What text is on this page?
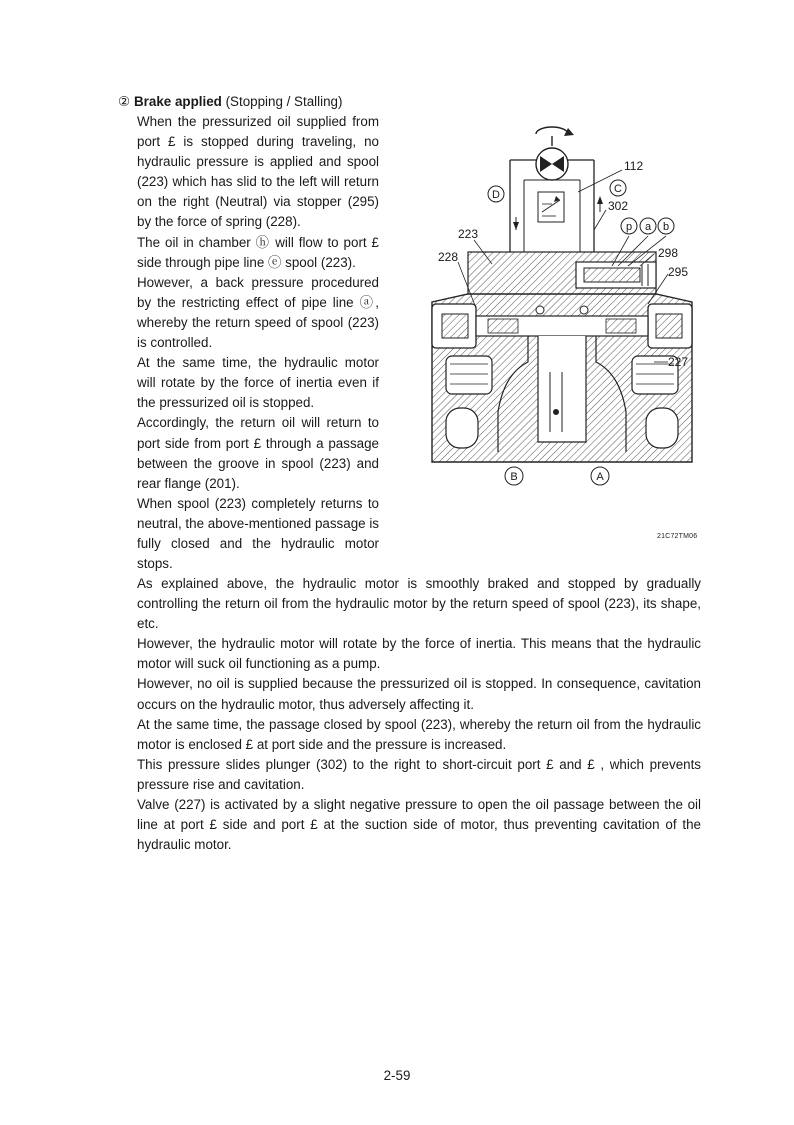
② Brake applied (Stopping / Stalling)

When the pressurized oil supplied from port £ is stopped during traveling, no hydraulic pressure is applied and spool (223) which has slid to the left will return on the right (Neutral) via stopper (295) by the force of spring (228).

The oil in chamber ⓗ will flow to port £ side through pipe line ⓔ spool (223).

However, a back pressure procedured by the restricting effect of pipe line ⓐ, whereby the return speed of spool (223) is controlled.

At the same time, the hydraulic motor will rotate by the force of inertia even if the pressurized oil is stopped.

Accordingly, the return oil will return to port side from port £ through a passage between the groove in spool (223) and rear flange (201).

When spool (223) completely returns to neutral, the above-mentioned passage is fully closed and the hydraulic motor stops.

112
302
223
228	298
295
227
D	C
p a b
B	A
21C72TM06

As explained above, the hydraulic motor is smoothly braked and stopped by gradually controlling the return oil from the hydraulic motor by the return speed of spool (223), its shape, etc.

However, the hydraulic motor will rotate by the force of inertia. This means that the hydraulic motor will suck oil functioning as a pump.

However, no oil is supplied because the pressurized oil is stopped. In consequence, cavitation occurs on the hydraulic motor, thus adversely affecting it.

At the same time, the passage closed by spool (223), whereby the return oil from the hydraulic motor is enclosed £ at port side and the pressure is increased.

This pressure slides plunger (302) to the right to short-circuit port £ and £ , which prevents pressure rise and cavitation.

Valve (227) is activated by a slight negative pressure to open the oil passage between the oil line at port £ side and port £ at the suction side of motor, thus preventing cavitation of the hydraulic motor.

2-59
